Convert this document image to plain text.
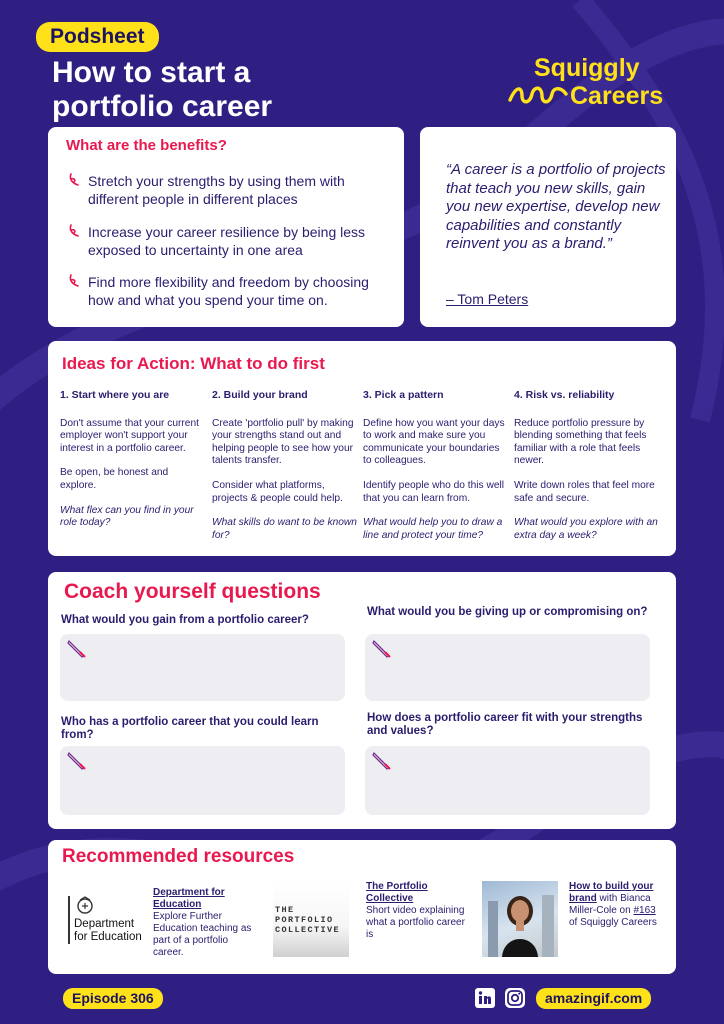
Podsheet
How to start a portfolio career
Squiggly
Careers
What are the benefits?
Stretch your strengths by using them with different people in different places
Increase your career resilience by being less exposed to uncertainty in one area
Find more flexibility and freedom by choosing how and what you spend your time on.

“A career is a portfolio of projects that teach you new skills, gain you new expertise, develop new capabilities and constantly reinvent you as a brand.”

– Tom Peters
Ideas for Action: What to do first
1. Start where you are

Don't assume that your current employer won't support your interest in a portfolio career.

Be open, be honest and explore.

What flex can you find in your role today?

2. Build your brand

Create 'portfolio pull' by making your strengths stand out and helping people to see how your talents transfer.

Consider what platforms, projects & people could help.

What skills do want to be known for?

3. Pick a pattern

Define how you want your days to work and make sure you communicate your boundaries to colleagues.

Identify people who do this well that you can learn from.

What would help you to draw a line and protect your time?

4. Risk vs. reliability

Reduce portfolio pressure by blending something that feels familiar with a role that feels newer.

Write down roles that feel more safe and secure.

What would you explore with an extra day a week?

Coach yourself questions
What would you gain from a portfolio career?
What would you be giving up or compromising on?
Who has a portfolio career that you could learn from?
How does a portfolio career fit with your strengths and values?
Recommended resources
Department
for Education
Department for Education
Explore Further Education teaching as part of a portfolio career.
THE PORTFOLIO COLLECTIVE
The Portfolio Collective
Short video explaining what a portfolio career is
How to build your brand with Bianca Miller-Cole on #163 of Squiggly Careers
Episode 306	amazingif.com
